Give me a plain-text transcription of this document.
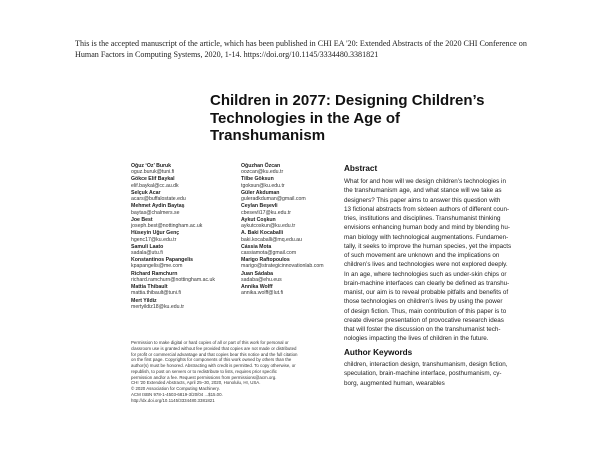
This is the accepted manuscript of the article, which has been published in CHI EA '20: Extended Abstracts of the 2020 CHI Conference on Human Factors in Computing Systems, 2020, 1-14. https://doi.org/10.1145/3334480.3381821
Children in 2077: Designing Children’s
Technologies in the Age of
Transhumanism
Oğuz ‘Oz’ Buruk
oguz.buruk@tuni.fi
Gökce Elif Baykal
elif.baykal@cc.au.dk
Selçuk Acar
acars@buffalostate.edu
Mehmet Aydin Baytaş
baytas@chalmers.se
Joe Best
joseph.best@nottingham.ac.uk
Hüseyin Uğur Genç
hgenc17@ku.edu.tr
Samuli Laato
sadala@utu.fi
Konstantinos Papangelis
kpapangelis@me.com
Richard Ramchurn
richard.ramchurn@nottingham.ac.uk
Mattia Thibault
mattia.thibault@tuni.fi
Mert Yildiz
mertyildiz18@ku.edu.tr
Oğuzhan Özcan
oozcan@ku.edu.tr
Tilbe Göksun
tgoksun@ku.edu.tr
Güler Akduman
guleradkduman@gmail.com
Ceylan Beşevli
cbesevli17@ku.edu.tr
Aykut Coşkun
aykutcoskun@ku.edu.tr
A. Baki Kocaballi
baki.kocaballi@mq.edu.au
Cássia Mota
cassiamota@gmail.com
Marigo Raftopoulos
marigo@strategicinnovationlab.com
Juan Sádaba
sadaba@ehu.eus
Annika Wolff
annika.wolff@lut.fi
Permission to make digital or hard copies of all or part of this work for personal or
classroom use is granted without fee provided that copies are not made or distributed
for profit or commercial advantage and that copies bear this notice and the full citation
on the first page. Copyrights for components of this work owned by others than the
author(s) must be honored. Abstracting with credit is permitted. To copy otherwise, or
republish, to post on servers or to redistribute to lists, requires prior specific
permission and/or a fee. Request permissions from permissions@acm.org.
CHI '20 Extended Abstracts, April 25–30, 2020, Honolulu, HI, USA.
© 2020 Association for Computing Machinery.
ACM ISBN 978-1-4503-6819-3/20/04 ...$15.00.
http://dx.doi.org/10.1145/3334480.3381821
Abstract
What for and how will we design children’s technologies in
the transhumanism age, and what stance will we take as
designers? This paper aims to answer this question with
13 fictional abstracts from sixteen authors of different coun-
tries, institutions and disciplines. Transhumanist thinking
envisions enhancing human body and mind by blending hu-
man biology with technological augmentations. Fundamen-
tally, it seeks to improve the human species, yet the impacts
of such movement are unknown and the implications on
children’s lives and technologies were not explored deeply.
In an age, where technologies such as under-skin chips or
brain-machine interfaces can clearly be defined as transhu-
manist, our aim is to reveal probable pitfalls and benefits of
those technologies on children’s lives by using the power
of design fiction. Thus, main contribution of this paper is to
create diverse presentation of provocative research ideas
that will foster the discussion on the transhumanist tech-
nologies impacting the lives of children in the future.
Author Keywords
children, interaction design, transhumanism, design fiction,
speculation, brain-machine interface, posthumanism, cy-
borg, augmented human, wearables
